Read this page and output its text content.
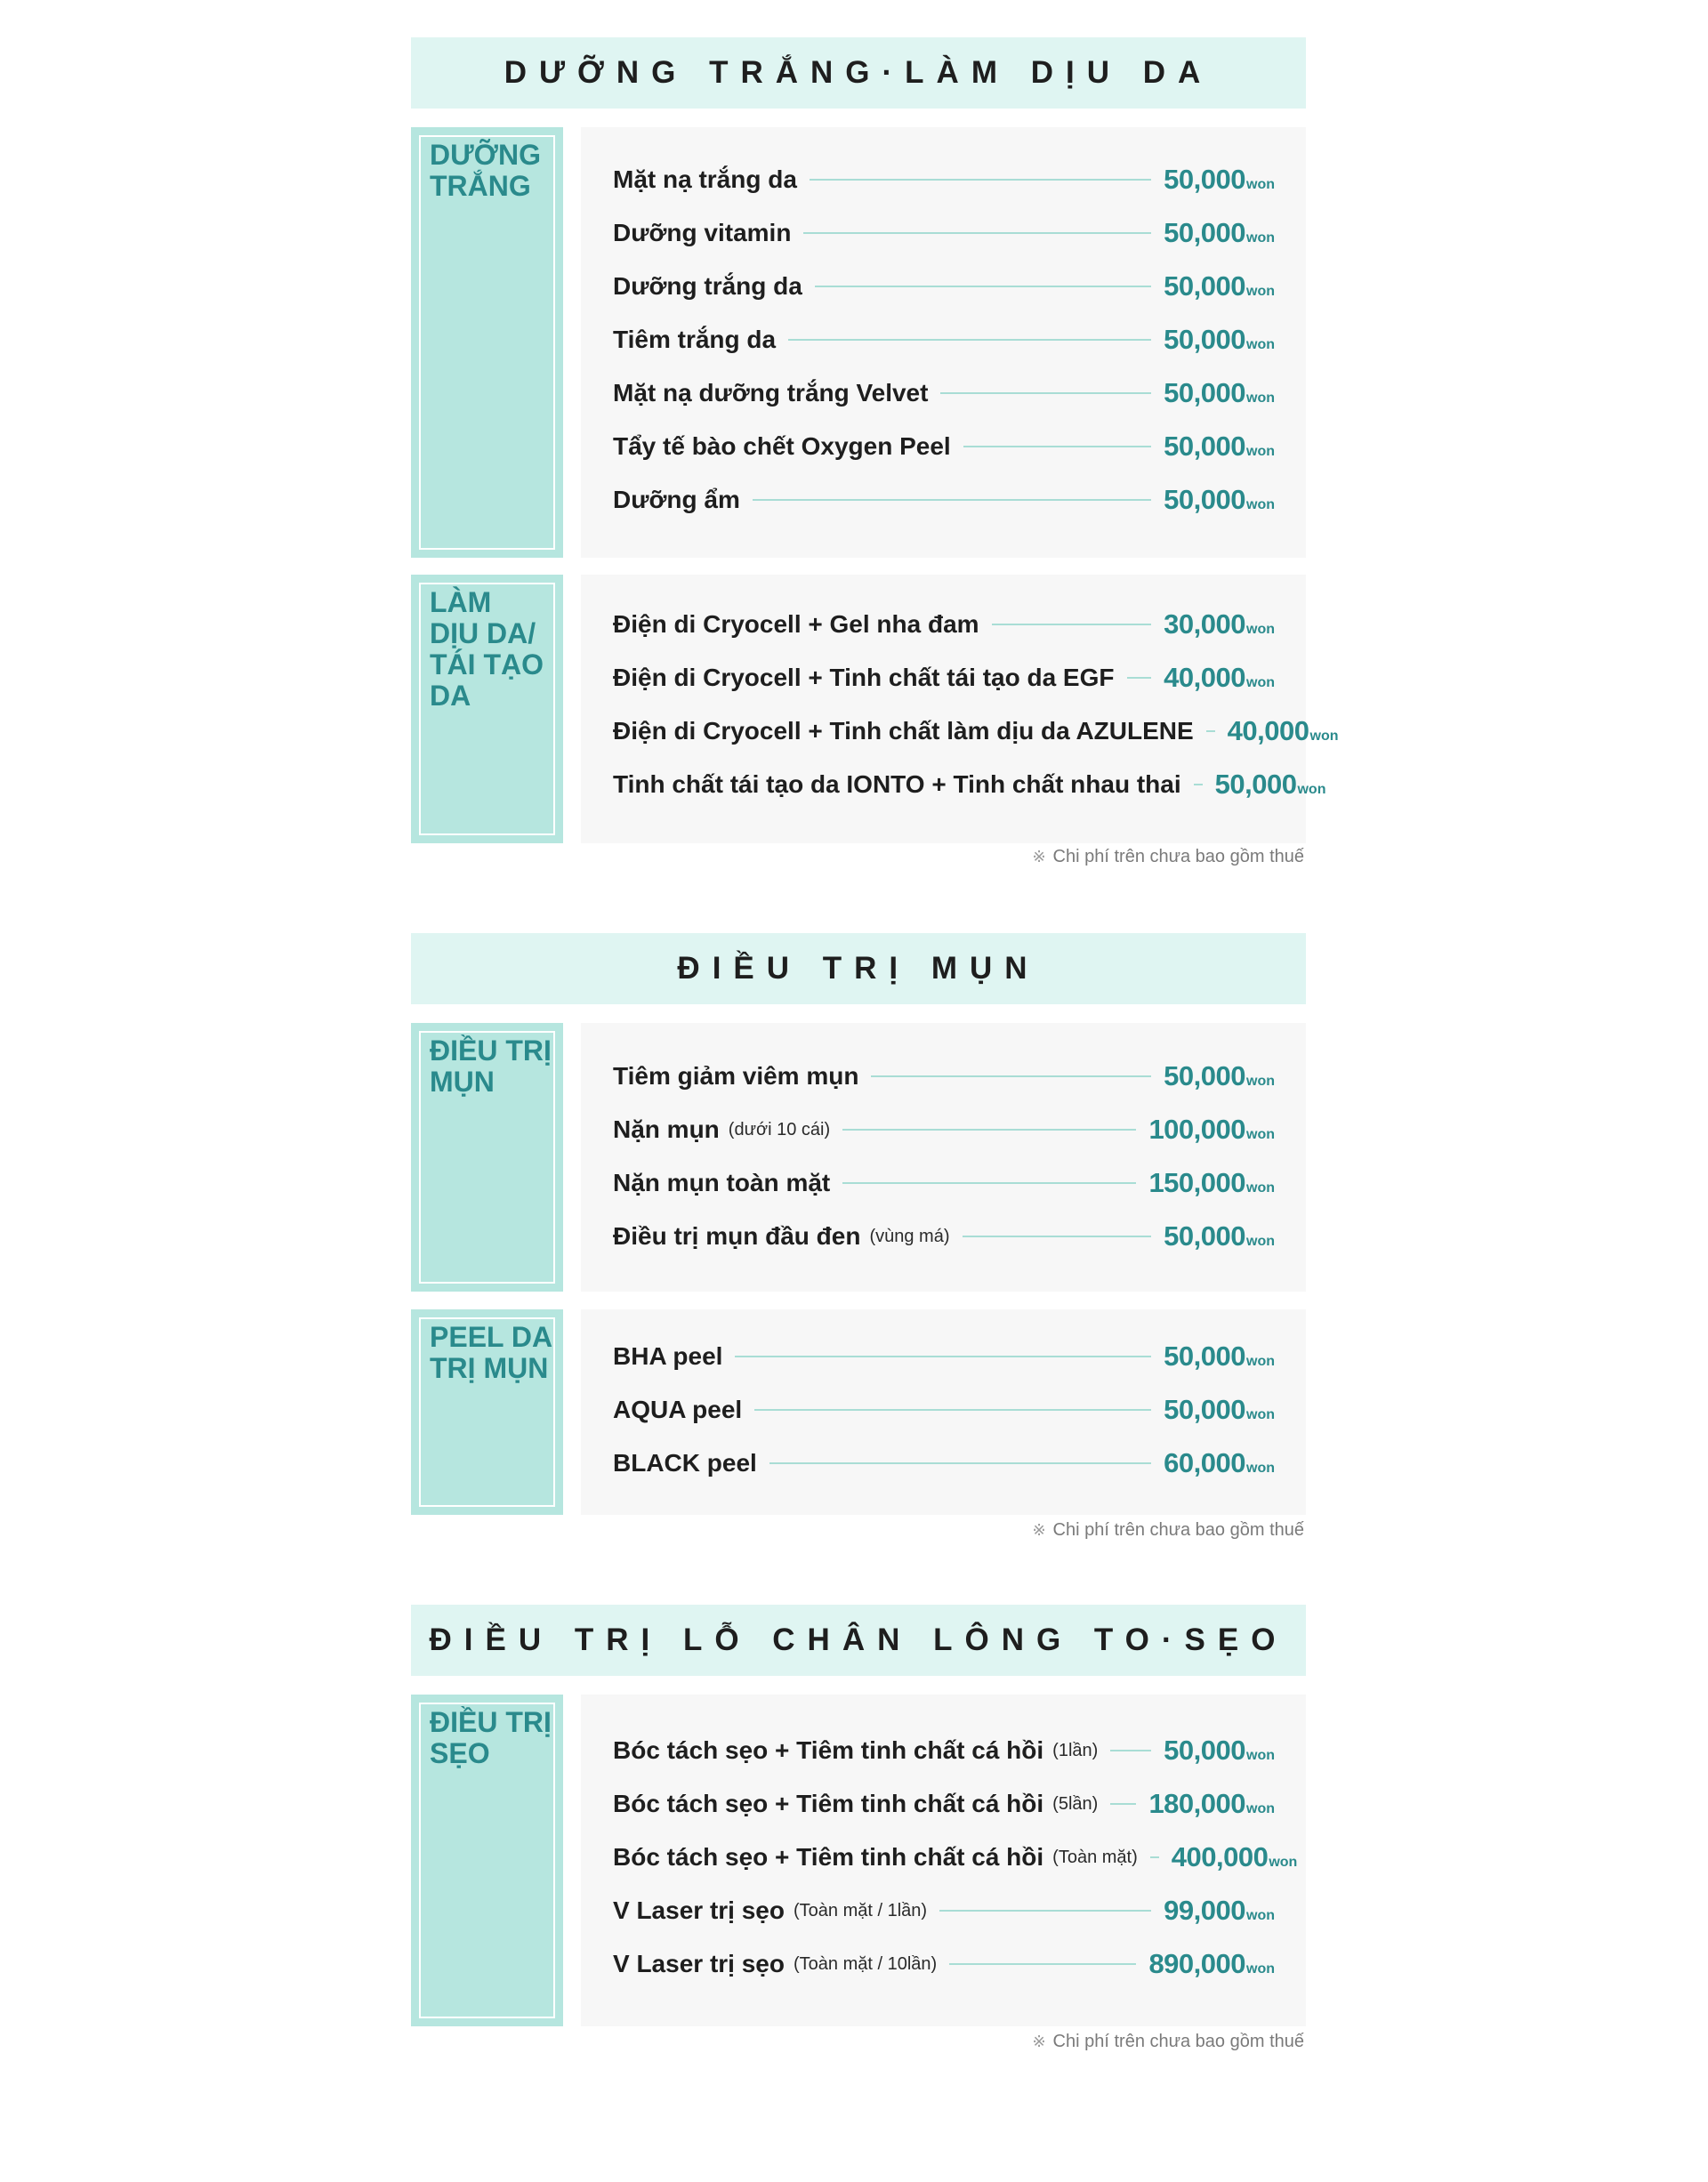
DƯỠNG TRẮNG·LÀM DỊU DA
DƯỠNG
TRẮNG	Mặt nạ trắng da	50,000 won
Dưỡng vitamin	50,000 won
Dưỡng trắng da	50,000 won
Tiêm trắng da	50,000 won
Mặt nạ dưỡng trắng Velvet	50,000 won
Tẩy tế bào chết Oxygen Peel	50,000 won
Dưỡng ẩm	50,000 won
LÀM
DỊU DA/
TÁI TẠO
DA
Điện di Cryocell + Gel nha đam	30,000 won
Điện di Cryocell + Tinh chất tái tạo da EGF 40,000 won
Điện di Cryocell + Tinh chất làm dịu da AZULENE 40,000 won
Tinh chất tái tạo da IONTO + Tinh chất nhau thai 50,000 won
※ Chi phí trên chưa bao gồm thuế
ĐIỀU TRỊ MỤN
ĐIỀU TRỊ
MỤN	Tiêm giảm viêm mụn	50,000 won
Nặn mụn (dưới 10 cái)	100,000 won
Nặn mụn toàn mặt	150,000 won
Điều trị mụn đầu đen (vùng má)	50,000 won
PEEL DA
TRỊ MỤN	BHA peel	50,000 won
AQUA peel	50,000 won
BLACK peel	60,000 won
※ Chi phí trên chưa bao gồm thuế
ĐIỀU TRỊ LỖ CHÂN LÔNG TO·SẸO
ĐIỀU TRỊ
SẸO	Bóc tách sẹo + Tiêm tinh chất cá hồi (1lần) 50,000 won
Bóc tách sẹo + Tiêm tinh chất cá hồi (5lần) 180,000 won
Bóc tách sẹo + Tiêm tinh chất cá hồi (Toàn mặt) 400,000 won
V Laser trị sẹo (Toàn mặt / 1lần)	99,000 won
V Laser trị sẹo (Toàn mặt / 10lần)	890,000 won
※ Chi phí trên chưa bao gồm thuế
